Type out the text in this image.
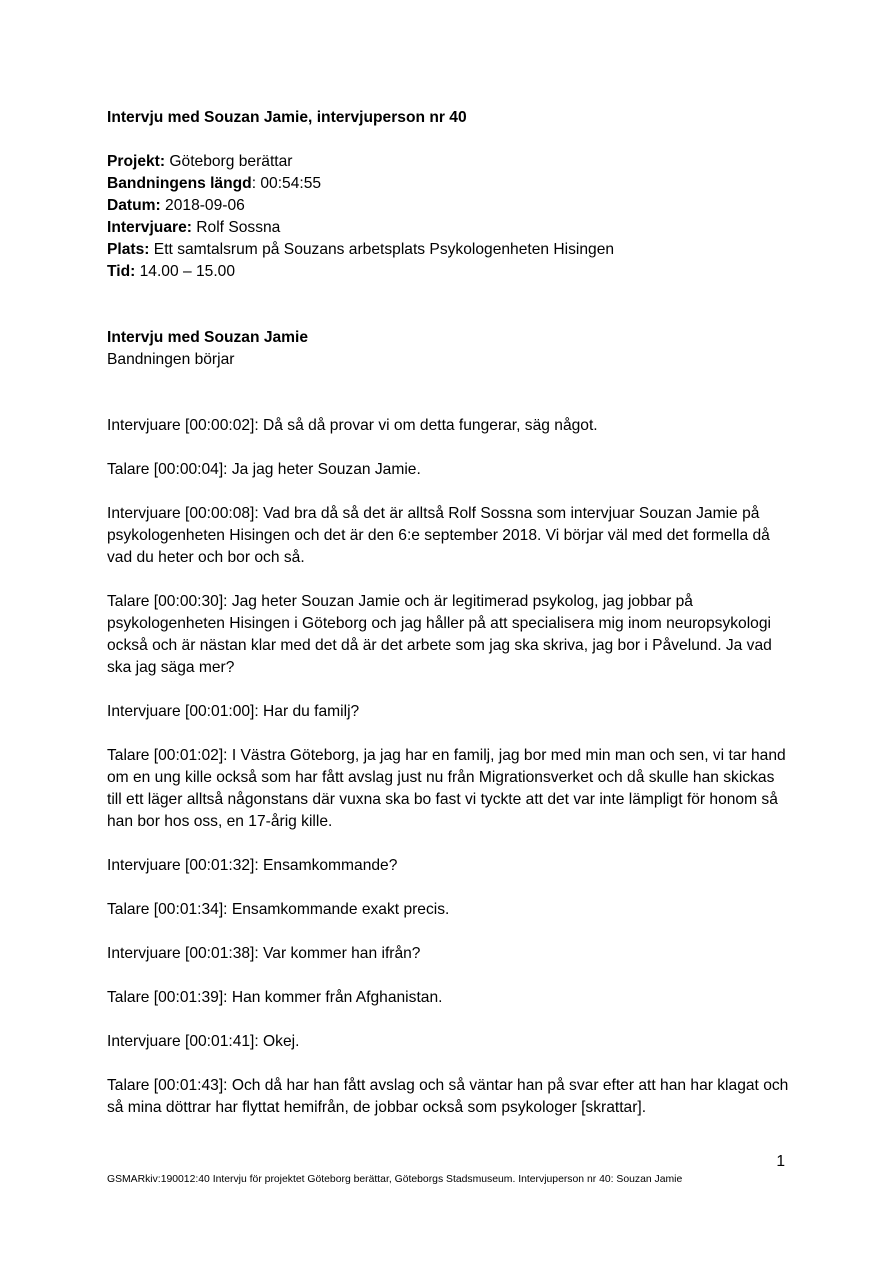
Intervju med Souzan Jamie, intervjuperson nr 40

Projekt: Göteborg berättar
Bandningens längd: 00:54:55
Datum: 2018-09-06
Intervjuare: Rolf Sossna
Plats: Ett samtalsrum på Souzans arbetsplats Psykologenheten Hisingen
Tid: 14.00 – 15.00
Intervju med Souzan Jamie
Bandningen börjar

Intervjuare [00:00:02]: Då så då provar vi om detta fungerar, säg något.

Talare [00:00:04]: Ja jag heter Souzan Jamie.

Intervjuare [00:00:08]: Vad bra då så det är alltså Rolf Sossna som intervjuar Souzan Jamie på psykologenheten Hisingen och det är den 6:e september 2018. Vi börjar väl med det formella då vad du heter och bor och så.

Talare [00:00:30]: Jag heter Souzan Jamie och är legitimerad psykolog, jag jobbar på psykologenheten Hisingen i Göteborg och jag håller på att specialisera mig inom neuropsykologi också och är nästan klar med det då är det arbete som jag ska skriva, jag bor i Påvelund. Ja vad ska jag säga mer?

Intervjuare [00:01:00]: Har du familj?

Talare [00:01:02]: I Västra Göteborg, ja jag har en familj, jag bor med min man och sen, vi tar hand om en ung kille också som har fått avslag just nu från Migrationsverket och då skulle han skickas till ett läger alltså någonstans där vuxna ska bo fast vi tyckte att det var inte lämpligt för honom så han bor hos oss, en 17-årig kille.

Intervjuare [00:01:32]: Ensamkommande?

Talare [00:01:34]: Ensamkommande exakt precis.

Intervjuare [00:01:38]: Var kommer han ifrån?

Talare [00:01:39]: Han kommer från Afghanistan.

Intervjuare [00:01:41]: Okej.

Talare [00:01:43]: Och då har han fått avslag och så väntar han på svar efter att han har klagat och så mina döttrar har flyttat hemifrån, de jobbar också som psykologer [skrattar].

1
GSMARkiv:190012:40 Intervju för projektet Göteborg berättar, Göteborgs Stadsmuseum. Intervjuperson nr 40: Souzan Jamie
